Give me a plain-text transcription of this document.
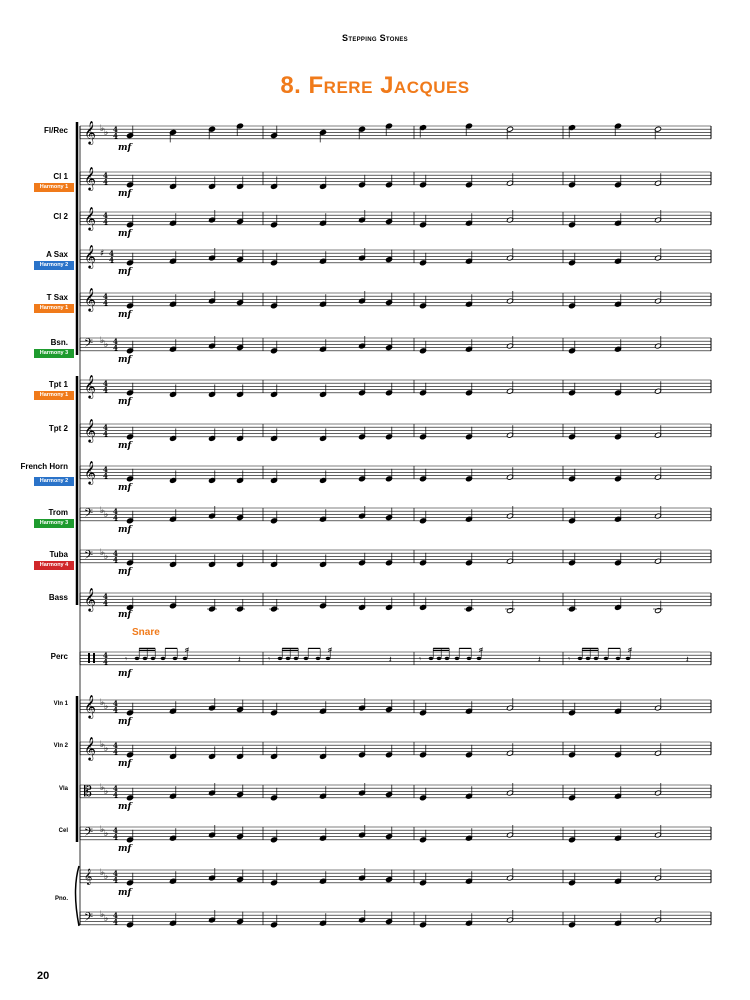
Stepping Stones
8. Frere Jacques
𝄞 ♭ ♭ 4
4
mf
𝄞 4
4
mf
𝄞 4
4
mf
𝄞 ♯ 4
4
mf
𝄞 4
4
mf
𝄢 ♭ ♭ 4
4
mf
𝄞 4
4
mf
𝄞 4
4
mf
𝄞 4
4
mf
𝄢 ♭ ♭ 4
4
mf
𝄢 ♭ ♭ 4
4
mf
𝄞 4
4
mf
4
4 𝄾	𝄽	𝄾	𝄽	𝄾	𝄽	𝄾	𝄽
mf
𝄞 ♭ ♭ 4
4
mf
𝄞 ♭ ♭ 4
4
mf
𝄡 ♭ ♭ 4
4
mf
𝄢 ♭ ♭ 4
4
mf
𝄞 ♭ ♭ 4
4
mf
𝄢 ♭ ♭ 4
4
Fl/Rec
Cl 1
Harmony 1
Cl 2
A Sax
Harmony 2
T Sax
Harmony 1
Bsn.
Harmony 3
Tpt 1
Harmony 1
Tpt 2
French Horn
Harmony 2
Trom
Harmony 3
Tuba
Harmony 4
Bass
Perc
Vln 1
Vln 2
Vla
Cel
Pno.
Snare
20
